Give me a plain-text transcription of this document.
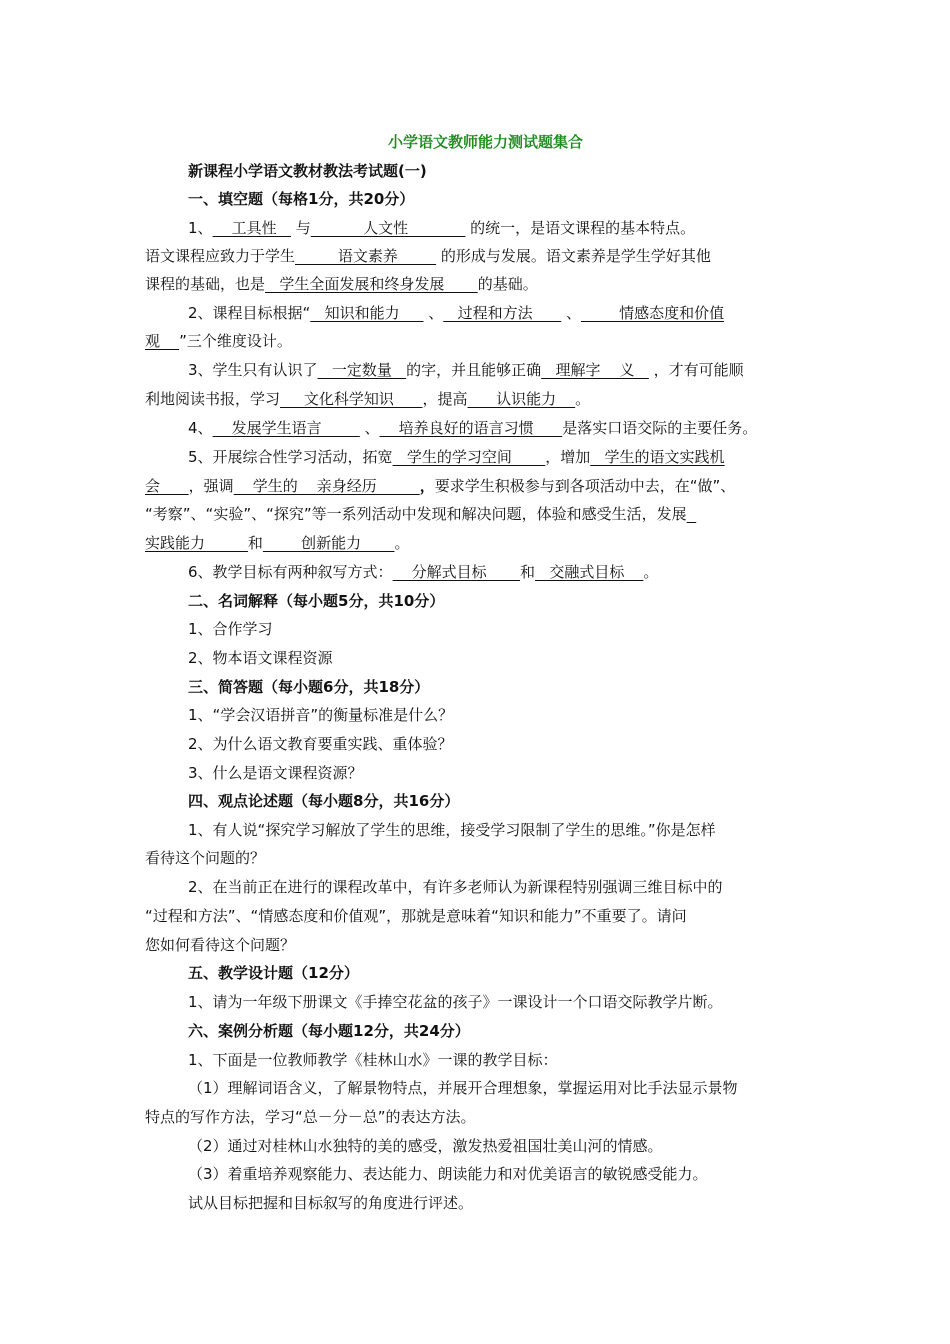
小学语文教师能力测试题集合
新课程小学语文教材教法考试题(一)
一、填空题（每格1分，共20分）
1、    工具性    与           人文性             的统一，是语文课程的基本特点。
语文课程应致力于学生         语文素养         的形成与发展。语文素养是学生学好其他
课程的基础，也是   学生全面发展和终身发展       的基础。
2、课程目标根据“   知识和能力      、   过程和方法       、        情感态度和价值
观    ”三个维度设计。
3、学生只有认识了   一定数量   的字，并且能够正确   理解字    义    ，才有可能顺
利地阅读书报，学习     文化科学知识      ，提高      认识能力    。
4、    发展学生语言         、    培养良好的语言习惯      是落实口语交际的主要任务。
5、开展综合性学习活动，拓宽   学生的学习空间       ，增加   学生的语文实践机
会      ，强调    学生的    亲身经历         ，要求学生积极参与到各项活动中去，在“做”、
“考察”、“实验”、“探究”等一系列活动中发现和解决问题，体验和感受生活，发展
实践能力         和        创新能力       。
6、教学目标有两种叙写方式：    分解式目标       和   交融式目标    。
二、名词解释（每小题5分，共10分）
1、合作学习
2、物本语文课程资源
三、简答题（每小题6分，共18分）
1、“学会汉语拼音”的衡量标准是什么？
2、为什么语文教育要重实践、重体验？
3、什么是语文课程资源？
四、观点论述题（每小题8分，共16分）
1、有人说“探究学习解放了学生的思维，接受学习限制了学生的思维。”你是怎样
看待这个问题的？
2、在当前正在进行的课程改革中，有许多老师认为新课程特别强调三维目标中的
“过程和方法”、“情感态度和价值观”，那就是意味着“知识和能力”不重要了。请问
您如何看待这个问题？
五、教学设计题（12分）
1、请为一年级下册课文《手捧空花盆的孩子》一课设计一个口语交际教学片断。
六、案例分析题（每小题12分，共24分）
1、下面是一位教师教学《桂林山水》一课的教学目标：
（1）理解词语含义，了解景物特点，并展开合理想象，掌握运用对比手法显示景物
特点的写作方法，学习“总－分－总”的表达方法。
（2）通过对桂林山水独特的美的感受，激发热爱祖国壮美山河的情感。
（3）着重培养观察能力、表达能力、朗读能力和对优美语言的敏锐感受能力。
试从目标把握和目标叙写的角度进行评述。
